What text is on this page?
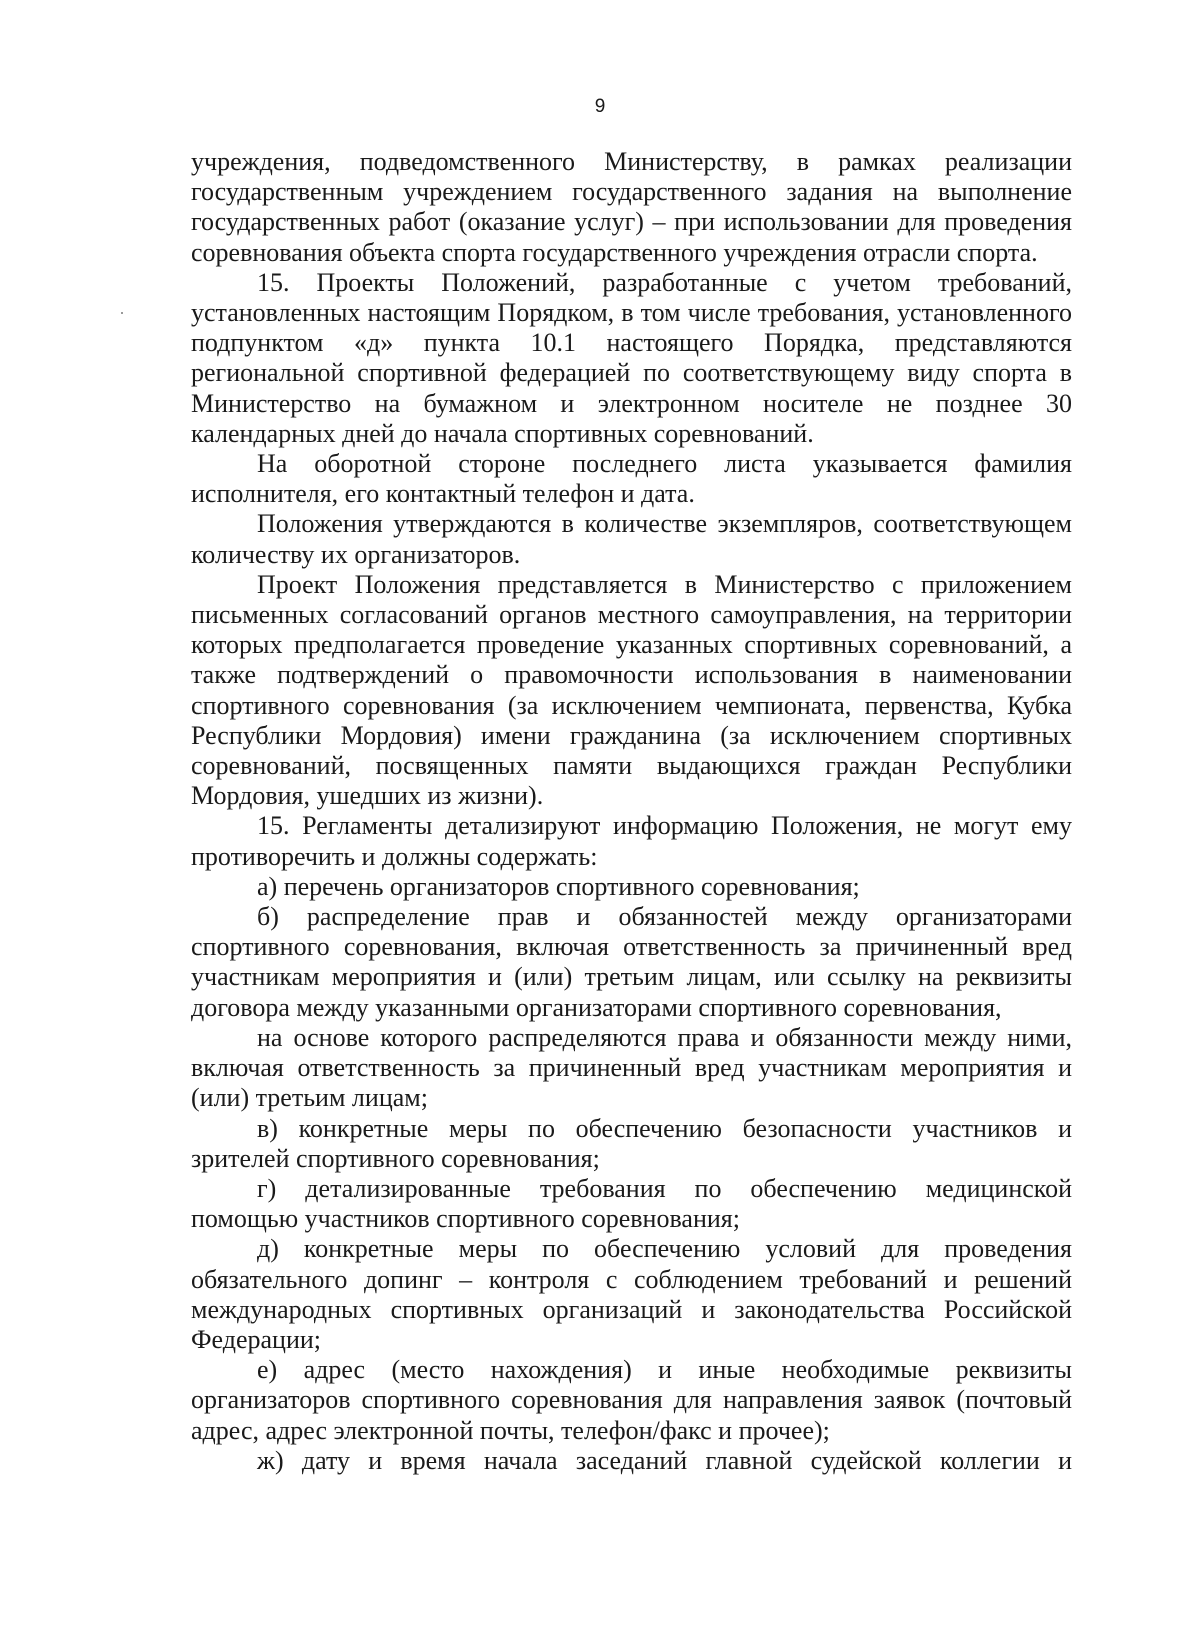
9

учреждения, подведомственного Министерству, в рамках реализации государственным учреждением государственного задания на выполнение государственных работ (оказание услуг) – при использовании для проведения соревнования объекта спорта государственного учреждения отрасли спорта.

15. Проекты Положений, разработанные с учетом требований, установленных настоящим Порядком, в том числе требования, установленного подпунктом «д» пункта 10.1 настоящего Порядка, представляются региональной спортивной федерацией по соответствующему виду спорта в Министерство на бумажном и электронном носителе не позднее 30 календарных дней до начала спортивных соревнований.

На оборотной стороне последнего листа указывается фамилия исполнителя, его контактный телефон и дата.

Положения утверждаются в количестве экземпляров, соответствующем количеству их организаторов.

Проект Положения представляется в Министерство с приложением письменных согласований органов местного самоуправления, на территории которых предполагается проведение указанных спортивных соревнований, а также подтверждений о правомочности использования в наименовании спортивного соревнования (за исключением чемпионата, первенства, Кубка Республики Мордовия) имени гражданина (за исключением спортивных соревнований, посвященных памяти выдающихся граждан Республики Мордовия, ушедших из жизни).

15. Регламенты детализируют информацию Положения, не могут ему противоречить и должны содержать:

а) перечень организаторов спортивного соревнования;

б) распределение прав и обязанностей между организаторами спортивного соревнования, включая ответственность за причиненный вред участникам мероприятия и (или) третьим лицам, или ссылку на реквизиты договора между указанными организаторами спортивного соревнования,

на основе которого распределяются права и обязанности между ними, включая ответственность за причиненный вред участникам мероприятия и (или) третьим лицам;

в) конкретные меры по обеспечению безопасности участников и зрителей спортивного соревнования;

г) детализированные требования по обеспечению медицинской помощью участников спортивного соревнования;

д) конкретные меры по обеспечению условий для проведения обязательного допинг – контроля с соблюдением требований и решений международных спортивных организаций и законодательства Российской Федерации;

е) адрес (место нахождения) и иные необходимые реквизиты организаторов спортивного соревнования для направления заявок (почтовый адрес, адрес электронной почты, телефон/факс и прочее);

ж) дату и время начала заседаний главной судейской коллегии и
